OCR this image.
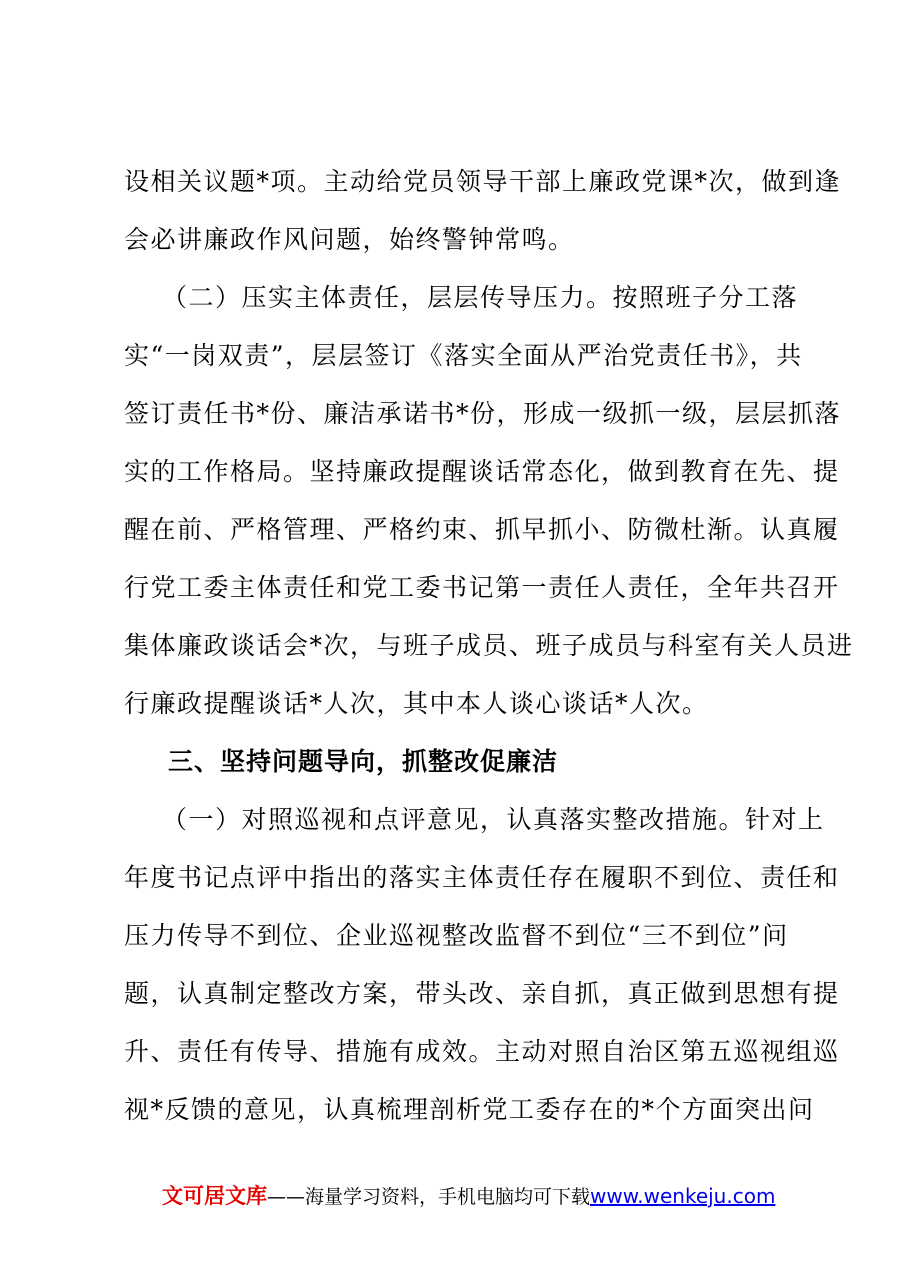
设相关议题*项。主动给党员领导干部上廉政党课*次，做到逢
会必讲廉政作风问题，始终警钟常鸣。
（二）压实主体责任，层层传导压力。按照班子分工落
实“一岗双责”，层层签订《落实全面从严治党责任书》，共
签订责任书*份、廉洁承诺书*份，形成一级抓一级，层层抓落
实的工作格局。坚持廉政提醒谈话常态化，做到教育在先、提
醒在前、严格管理、严格约束、抓早抓小、防微杜渐。认真履
行党工委主体责任和党工委书记第一责任人责任，全年共召开
集体廉政谈话会*次，与班子成员、班子成员与科室有关人员进
行廉政提醒谈话*人次，其中本人谈心谈话*人次。
三、坚持问题导向，抓整改促廉洁
（一）对照巡视和点评意见，认真落实整改措施。针对上
年度书记点评中指出的落实主体责任存在履职不到位、责任和
压力传导不到位、企业巡视整改监督不到位“三不到位”问
题，认真制定整改方案，带头改、亲自抓，真正做到思想有提
升、责任有传导、措施有成效。主动对照自治区第五巡视组巡
视*反馈的意见，认真梳理剖析党工委存在的*个方面突出问
文可居文库——海量学习资料，手机电脑均可下载www.wenkeju.com
